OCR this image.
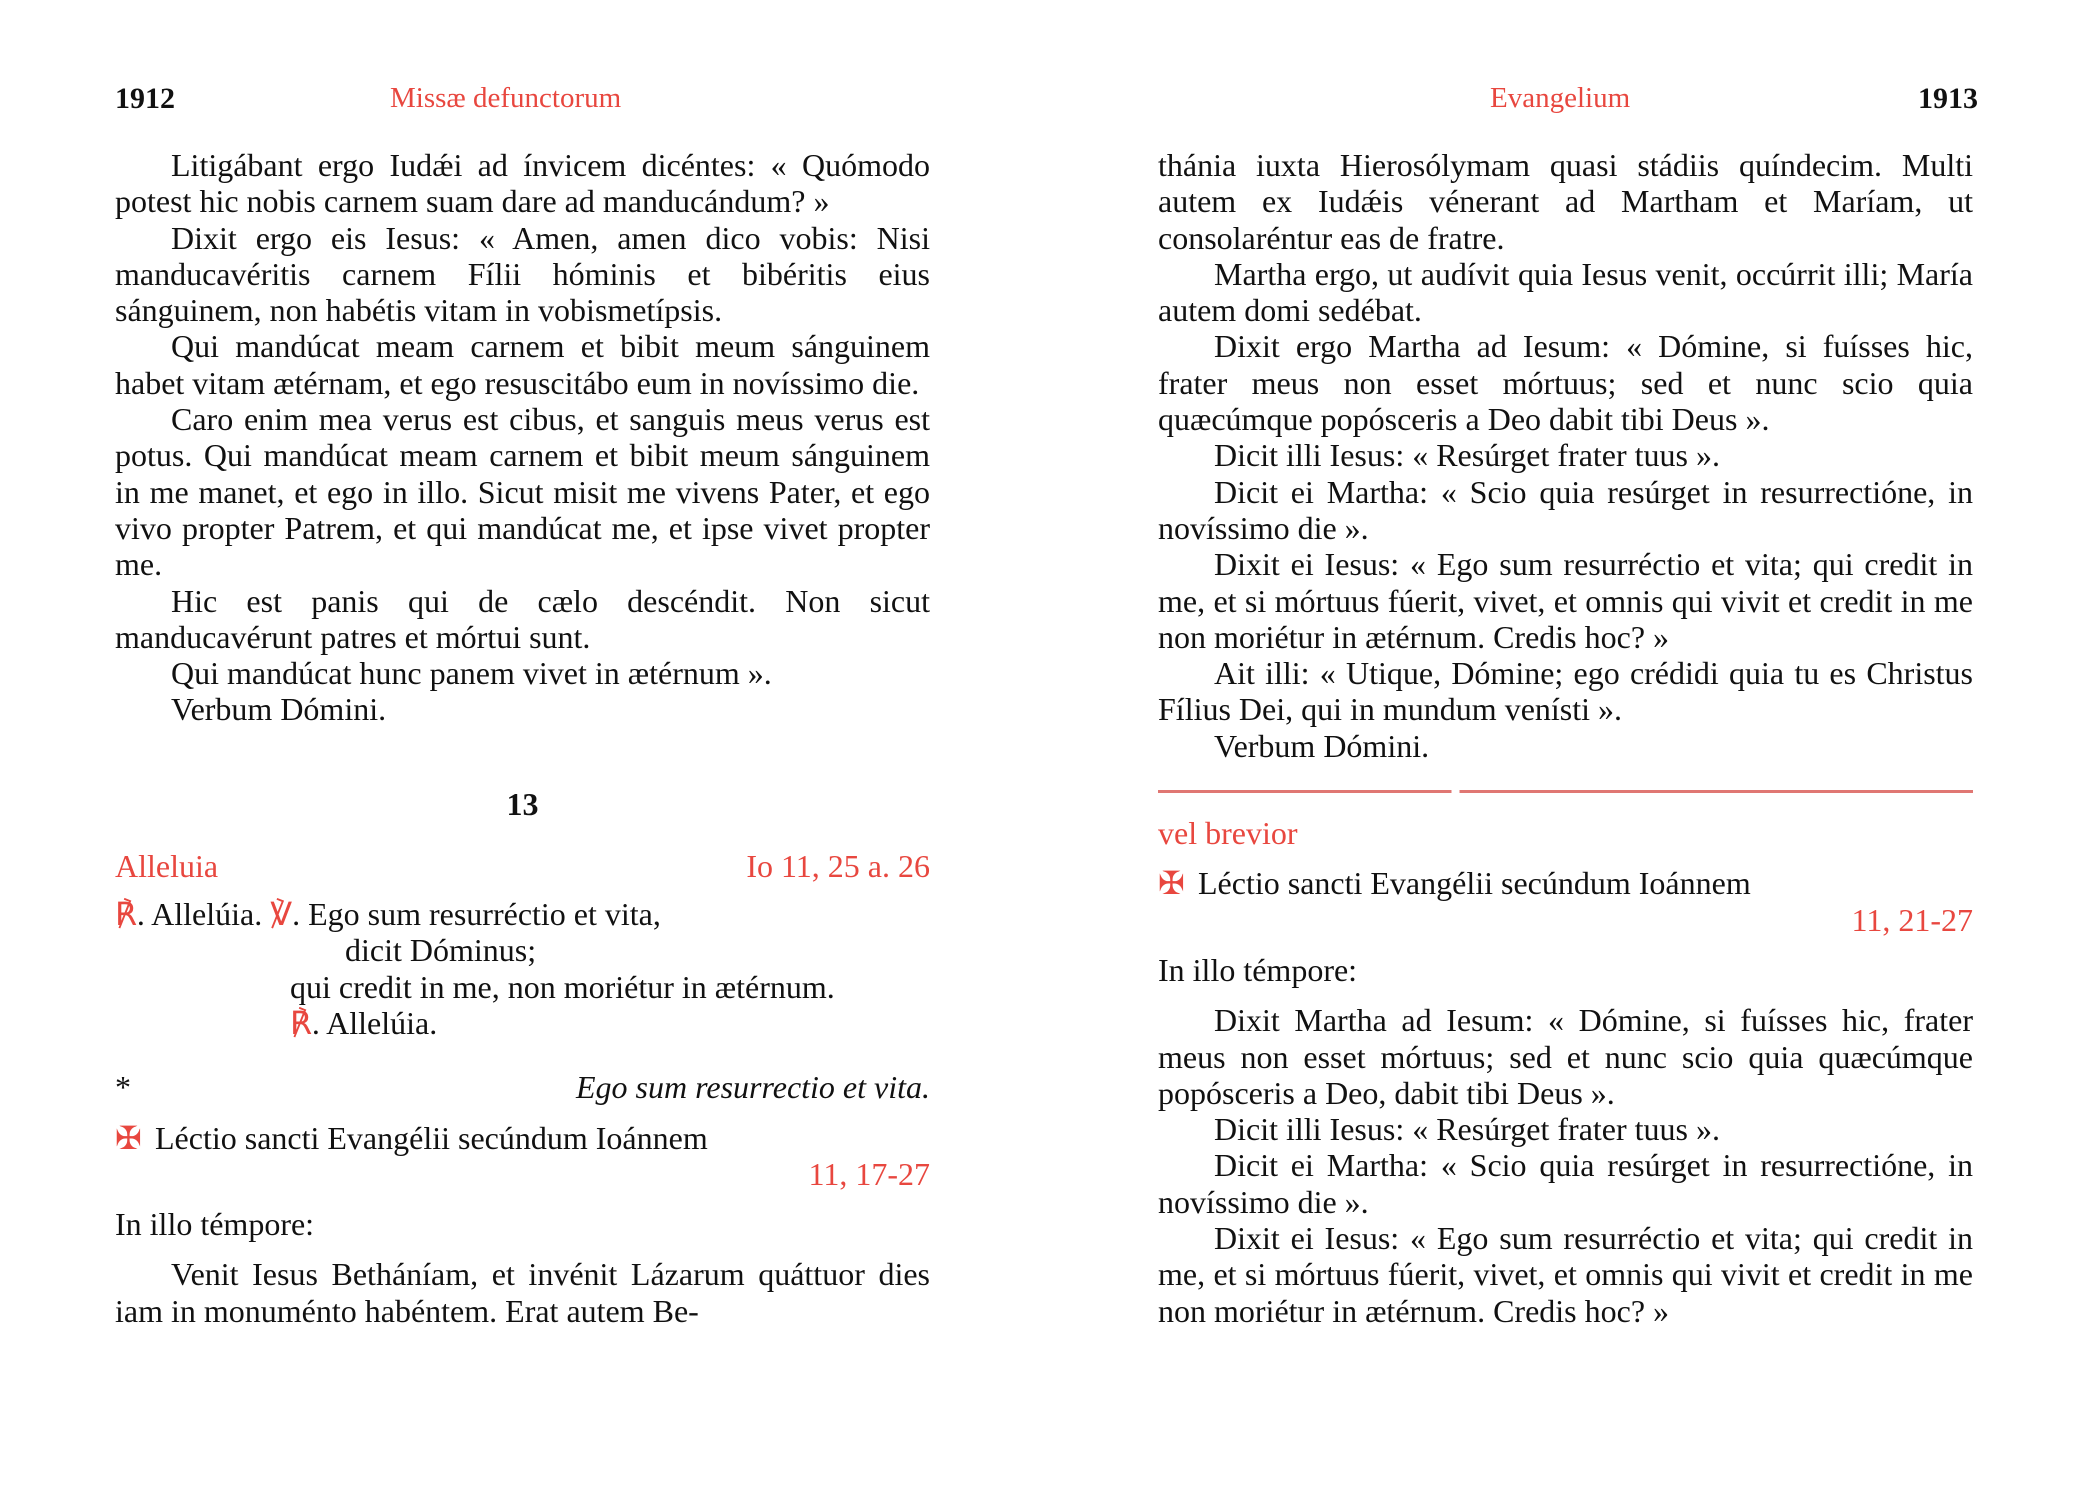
1912	Missæ defunctorum

Litigábant ergo Iudǽi ad ínvicem dicéntes: « Quómodo potest hic nobis carnem suam dare ad manducándum? »

Dixit ergo eis Iesus: « Amen, amen dico vobis: Nisi manducavéritis carnem Fílii hóminis et bibéritis eius sánguinem, non habétis vitam in vobismetípsis.

Qui mandúcat meam carnem et bibit meum sánguinem habet vitam ætérnam, et ego resuscitábo eum in novíssimo die.

Caro enim mea verus est cibus, et sanguis meus verus est potus. Qui mandúcat meam carnem et bibit meum sánguinem in me manet, et ego in illo. Sicut misit me vivens Pater, et ego vivo propter Patrem, et qui mandúcat me, et ipse vivet propter me.

Hic est panis qui de cælo descéndit. Non sicut manducavérunt patres et mórtui sunt.

Qui mandúcat hunc panem vivet in ætérnum ».

Verbum Dómini.

13
Alleluia	Io 11, 25 a. 26
℟. Allelúia. ℣. Ego sum resurréctio et vita,
dicit Dóminus;
qui credit in me, non moriétur in ætérnum.
℟. Allelúia.
*	Ego sum resurrectio et vita.
✠ Léctio sancti Evangélii secúndum Ioánnem
11, 17-27
In illo témpore:

Venit Iesus Betháníam, et invénit Lázarum quáttuor dies iam in monuménto habéntem. Erat autem Be-

Evangelium	1913

thánia iuxta Hierosólymam quasi stádiis quíndecim. Multi autem ex Iudǽis vénerant ad Martham et Maríam, ut consolaréntur eas de fratre.

Martha ergo, ut audívit quia Iesus venit, occúrrit illi; María autem domi sedébat.

Dixit ergo Martha ad Iesum: « Dómine, si fuísses hic, frater meus non esset mórtuus; sed et nunc scio quia quæcúmque popósceris a Deo dabit tibi Deus ».

Dicit illi Iesus: « Resúrget frater tuus ».

Dicit ei Martha: « Scio quia resúrget in resurrectióne, in novíssimo die ».

Dixit ei Iesus: « Ego sum resurréctio et vita; qui credit in me, et si mórtuus fúerit, vivet, et omnis qui vivit et credit in me non moriétur in ætérnum. Credis hoc? »

Ait illi: « Utique, Dómine; ego crédidi quia tu es Christus Fílius Dei, qui in mundum venísti ».

Verbum Dómini.

vel brevior
✠ Léctio sancti Evangélii secúndum Ioánnem
11, 21-27
In illo témpore:

Dixit Martha ad Iesum: « Dómine, si fuísses hic, frater meus non esset mórtuus; sed et nunc scio quia quæcúmque popósceris a Deo, dabit tibi Deus ».

Dicit illi Iesus: « Resúrget frater tuus ».

Dicit ei Martha: « Scio quia resúrget in resurrectióne, in novíssimo die ».

Dixit ei Iesus: « Ego sum resurréctio et vita; qui credit in me, et si mórtuus fúerit, vivet, et omnis qui vivit et credit in me non moriétur in ætérnum. Credis hoc? »
